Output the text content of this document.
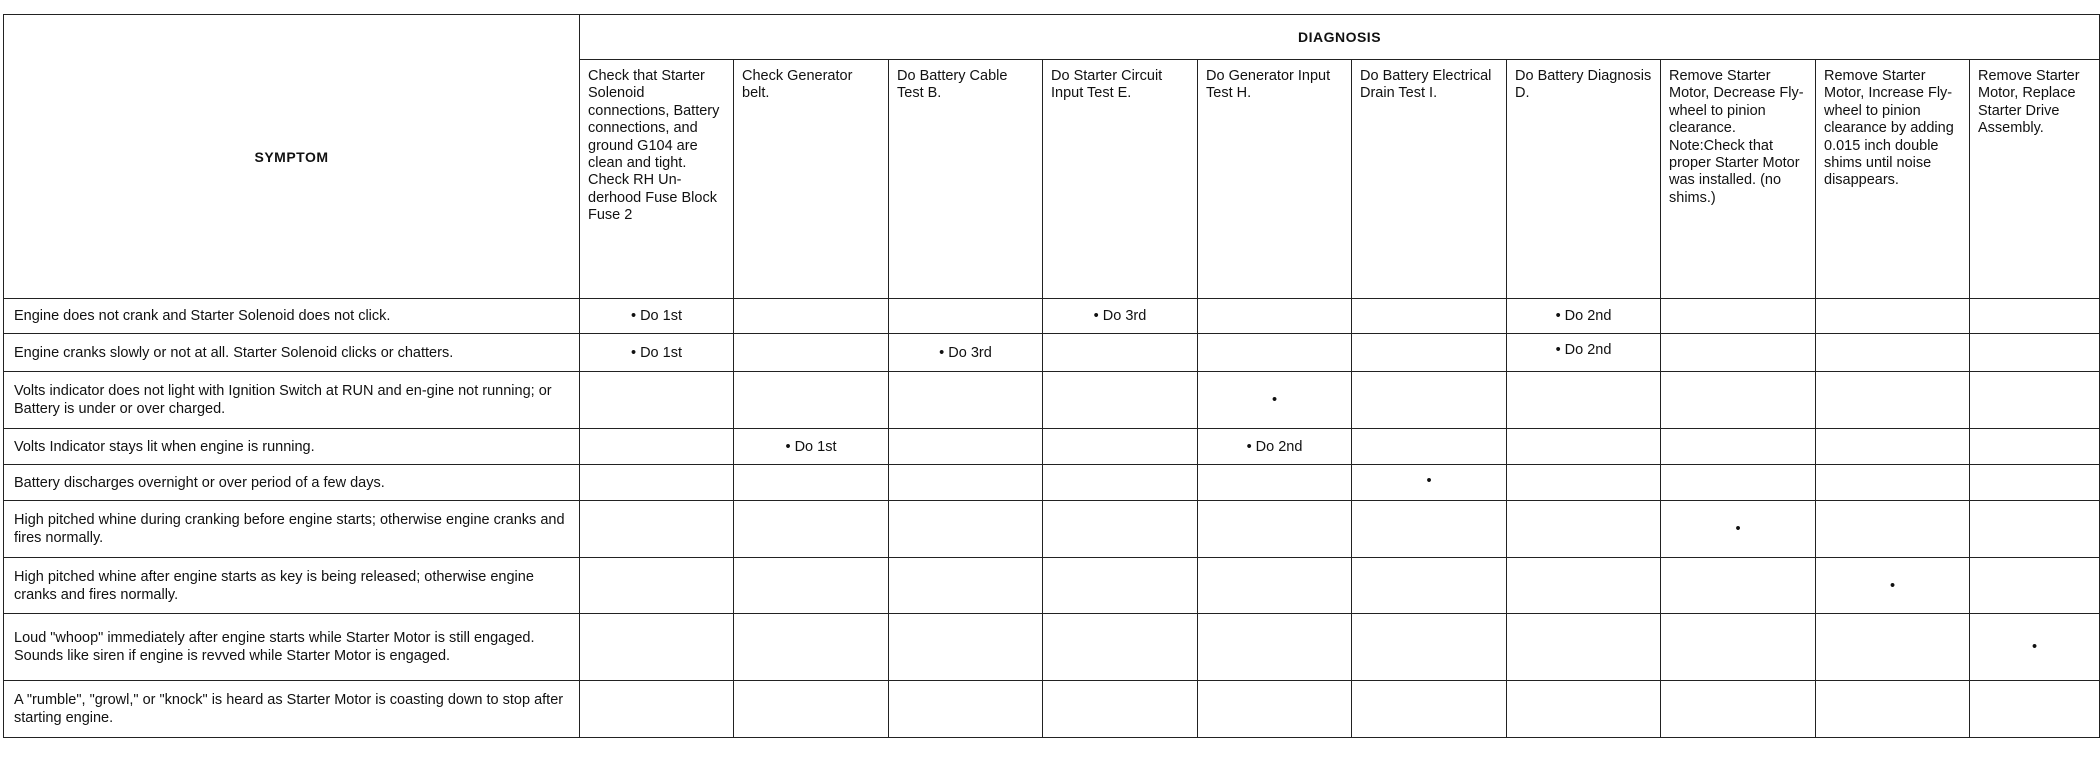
SYMPTOM	DIAGNOSIS									
	Check that Starter Solenoid connections, Battery connections, and ground G104 are clean and tight. Check RH Un-derhood Fuse Block Fuse 2	Check Generator belt.	Do Battery Cable Test B.	Do Starter Circuit Input Test E.	Do Generator Input Test H.	Do Battery Electrical Drain Test I.	Do Battery Diagnosis D.	Remove Starter Motor, Decrease Fly-wheel to pinion clearance. Note:Check that proper Starter Motor was installed. (no shims.)	Remove Starter Motor, Increase Fly-wheel to pinion clearance by adding 0.015 inch double shims until noise disappears.	Remove Starter Motor, Replace Starter Drive Assembly.
Engine does not crank and Starter Solenoid does not click.	• Do 1st			• Do 3rd			• Do 2nd			
Engine cranks slowly or not at all. Starter Solenoid clicks or chatters.	• Do 1st		• Do 3rd				• Do 2nd			
Volts indicator does not light with Ignition Switch at RUN and en-gine not running; or Battery is under or over charged.					•					
Volts Indicator stays lit when engine is running.		• Do 1st			• Do 2nd					
Battery discharges overnight or over period of a few days.						•				
High pitched whine during cranking before engine starts; otherwise engine cranks and fires normally.								•		
High pitched whine after engine starts as key is being released; otherwise engine cranks and fires normally.									•	
Loud "whoop" immediately after engine starts while Starter Motor is still engaged. Sounds like siren if engine is revved while Starter Motor is engaged.										•
A "rumble", "growl," or "knock" is heard as Starter Motor is coasting down to stop after starting engine.										
